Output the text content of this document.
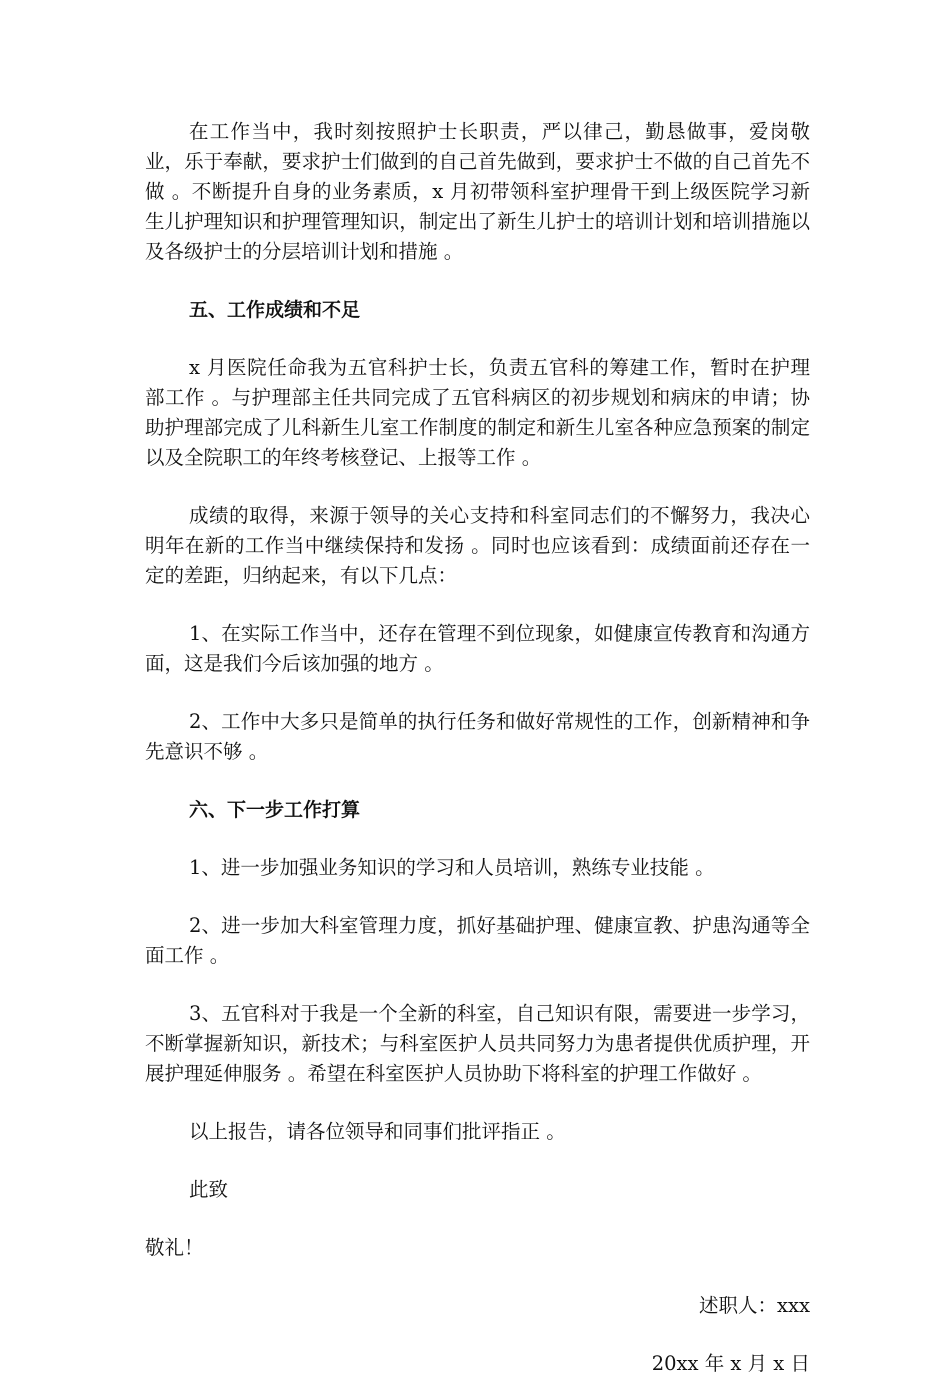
在工作当中，我时刻按照护士长职责，严以律己，勤恳做事，爱岗敬业，乐于奉献，要求护士们做到的自己首先做到，要求护士不做的自己首先不做 。不断提升自身的业务素质，x 月初带领科室护理骨干到上级医院学习新生儿护理知识和护理管理知识，制定出了新生儿护士的培训计划和培训措施以及各级护士的分层培训计划和措施 。

五、工作成绩和不足

x 月医院任命我为五官科护士长，负责五官科的筹建工作，暂时在护理部工作 。与护理部主任共同完成了五官科病区的初步规划和病床的申请；协助护理部完成了儿科新生儿室工作制度的制定和新生儿室各种应急预案的制定以及全院职工的年终考核登记、上报等工作 。

成绩的取得，来源于领导的关心支持和科室同志们的不懈努力，我决心明年在新的工作当中继续保持和发扬 。同时也应该看到：成绩面前还存在一定的差距，归纳起来，有以下几点：

1、在实际工作当中，还存在管理不到位现象，如健康宣传教育和沟通方面，这是我们今后该加强的地方 。

2、工作中大多只是简单的执行任务和做好常规性的工作，创新精神和争先意识不够 。

六、下一步工作打算

1、进一步加强业务知识的学习和人员培训，熟练专业技能 。

2、进一步加大科室管理力度，抓好基础护理、健康宣教、护患沟通等全面工作 。

3、五官科对于我是一个全新的科室，自己知识有限，需要进一步学习，不断掌握新知识，新技术；与科室医护人员共同努力为患者提供优质护理，开展护理延伸服务 。希望在科室医护人员协助下将科室的护理工作做好 。

以上报告，请各位领导和同事们批评指正 。

此致

敬礼！

述职人：xxx

20xx 年 x 月 x 日
